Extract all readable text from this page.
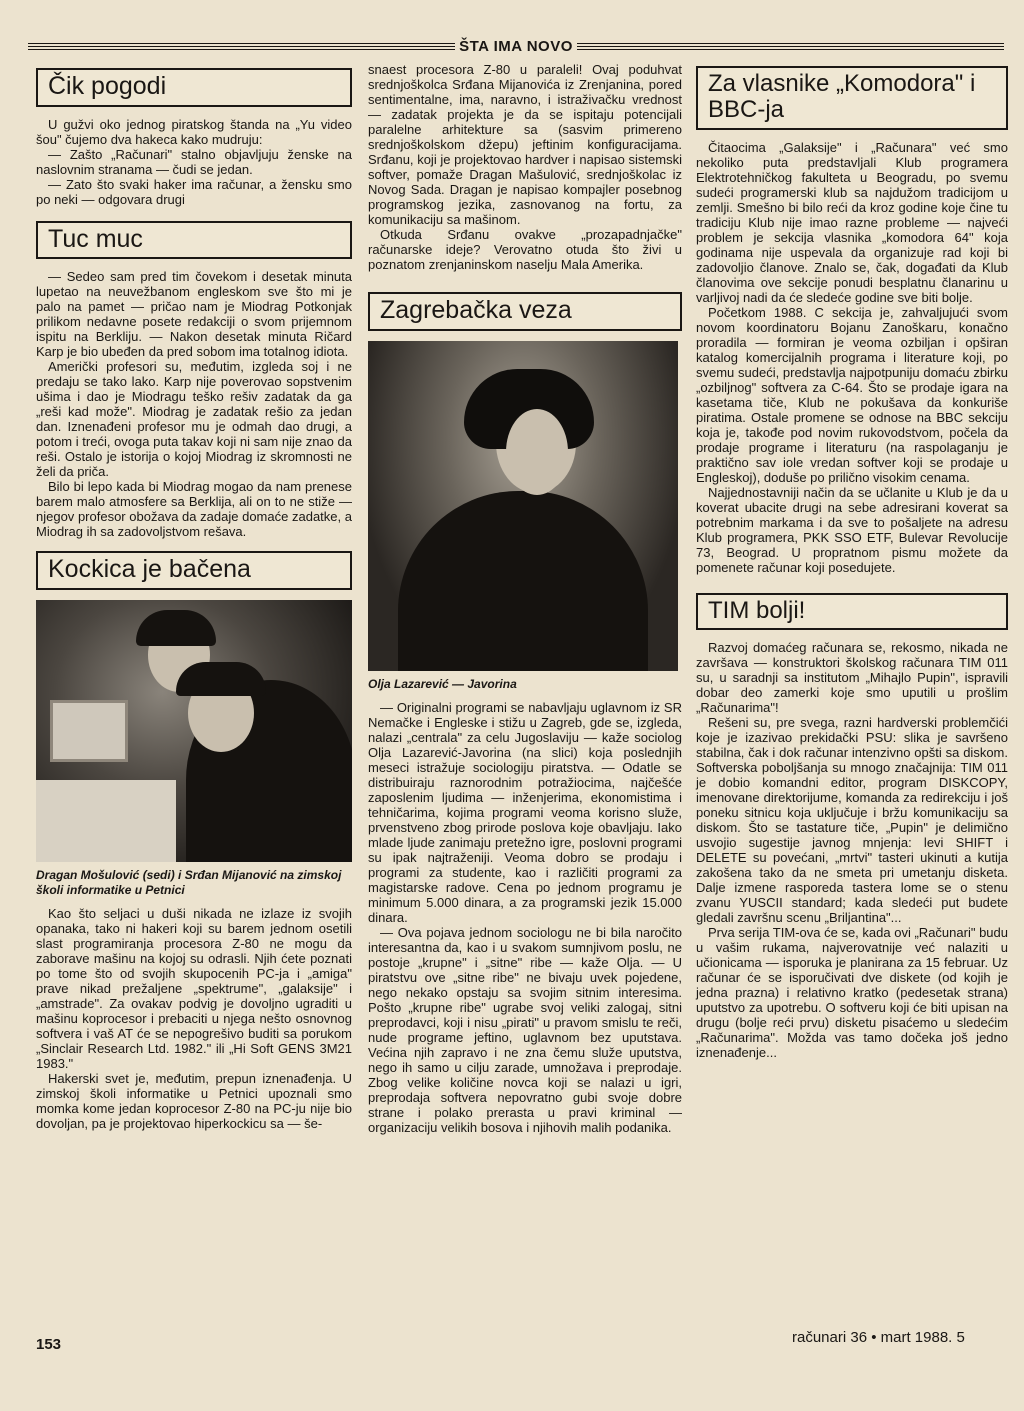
ŠTA IMA NOVO
Čik pogodi

U gužvi oko jednog piratskog štanda na „Yu video šou" čujemo dva hakeca kako mudruju:

— Zašto „Računari" stalno objavljuju ženske na naslovnim stranama — čudi se jedan.

— Zato što svaki haker ima računar, a žensku smo po neki — odgovara drugi

Tuc muc

— Sedeo sam pred tim čovekom i desetak minuta lupetao na neuvežbanom engleskom sve što mi je palo na pamet — pričao nam je Miodrag Potkonjak prilikom nedavne posete redakciji o svom prijemnom ispitu na Berkliju. — Nakon desetak minuta Ričard Karp je bio ubeđen da pred sobom ima totalnog idiota.

Američki profesori su, međutim, izgleda soj i ne predaju se tako lako. Karp nije poverovao sopstvenim ušima i dao je Miodragu teško rešiv zadatak da ga „reši kad može". Miodrag je zadatak rešio za jedan dan. Iznenađeni profesor mu je odmah dao drugi, a potom i treći, ovoga puta takav koji ni sam nije znao da reši. Ostalo je istorija o kojoj Miodrag iz skromnosti ne želi da priča.

Bilo bi lepo kada bi Miodrag mogao da nam prenese barem malo atmosfere sa Berklija, ali on to ne stiže — njegov profesor obožava da zadaje domaće zadatke, a Miodrag ih sa zadovoljstvom rešava.

Kockica je bačena
Dragan Mošulović (sedi) i Srđan Mijanović na zimskoj školi informatike u Petnici

Kao što seljaci u duši nikada ne izlaze iz svojih opanaka, tako ni hakeri koji su barem jednom osetili slast programiranja procesora Z-80 ne mogu da zaborave mašinu na kojoj su odrasli. Njih ćete poznati po tome što od svojih skupocenih PC-ja i „amiga" prave nikad prežaljene „spektrume", „galaksije" i „amstrade". Za ovakav podvig je dovoljno ugraditi u mašinu koprocesor i prebaciti u njega nešto osnovnog softvera i vaš AT će se nepogrešivo buditi sa porukom „Sinclair Research Ltd. 1982." ili „Hi Soft GENS 3M21 1983."

Hakerski svet je, međutim, prepun iznenađenja. U zimskoj školi informatike u Petnici upoznali smo momka kome jedan koprocesor Z-80 na PC-ju nije bio dovoljan, pa je projektovao hiperkockicu sa — še-

snaest procesora Z-80 u paraleli! Ovaj poduhvat srednjoškolca Srđana Mijanovića iz Zrenjanina, pored sentimentalne, ima, naravno, i istraživačku vrednost — zadatak projekta je da se ispitaju potencijali paralelne arhitekture sa (sasvim primereno srednjoškolskom džepu) jeftinim konfiguracijama. Srđanu, koji je projektovao hardver i napisao sistemski softver, pomaže Dragan Mašulović, srednjoškolac iz Novog Sada. Dragan je napisao kompajler posebnog programskog jezika, zasnovanog na fortu, za komunikaciju sa mašinom.

Otkuda Srđanu ovakve „prozapadnjačke" računarske ideje? Verovatno otuda što živi u poznatom zrenjaninskom naselju Mala Amerika.

Zagrebačka veza
Olja Lazarević — Javorina

— Originalni programi se nabavljaju uglavnom iz SR Nemačke i Engleske i stižu u Zagreb, gde se, izgleda, nalazi „centrala" za celu Jugoslaviju — kaže sociolog Olja Lazarević-Javorina (na slici) koja poslednjih meseci istražuje sociologiju piratstva. — Odatle se distribuiraju raznorodnim potražiocima, najčešće zaposlenim ljudima — inženjerima, ekonomistima i tehničarima, kojima programi veoma korisno služe, prvenstveno zbog prirode poslova koje obavljaju. Iako mlade ljude zanimaju pretežno igre, poslovni programi su ipak najtraženiji. Veoma dobro se prodaju i programi za studente, kao i različiti programi za magistarske radove. Cena po jednom programu je minimum 5.000 dinara, a za programski jezik 15.000 dinara.

— Ova pojava jednom sociologu ne bi bila naročito interesantna da, kao i u svakom sumnjivom poslu, ne postoje „krupne" i „sitne" ribe — kaže Olja. — U piratstvu ove „sitne ribe" ne bivaju uvek pojedene, nego nekako opstaju sa svojim sitnim interesima. Pošto „krupne ribe" ugrabe svoj veliki zalogaj, sitni preprodavci, koji i nisu „pirati" u pravom smislu te reči, nude programe jeftino, uglavnom bez uputstava. Većina njih zapravo i ne zna čemu služe uputstva, nego ih samo u cilju zarade, umnožava i preprodaje. Zbog velike količine novca koji se nalazi u igri, preprodaja softvera nepovratno gubi svoje dobre strane i polako prerasta u pravi kriminal — organizaciju velikih bosova i njihovih malih podanika.

Za vlasnike „Komodora" i BBC-ja

Čitaocima „Galaksije" i „Računara" već smo nekoliko puta predstavljali Klub programera Elektrotehničkog fakulteta u Beogradu, po svemu sudeći programerski klub sa najdužom tradicijom u zemlji. Smešno bi bilo reći da kroz godine koje čine tu tradiciju Klub nije imao razne probleme — najveći problem je sekcija vlasnika „komodora 64" koja godinama nije uspevala da organizuje rad koji bi zadovoljio članove. Znalo se, čak, događati da Klub članovima ove sekcije ponudi besplatnu članarinu u varljivoj nadi da će sledeće godine sve biti bolje.

Početkom 1988. C sekcija je, zahvaljujući svom novom koordinatoru Bojanu Zanoškaru, konačno proradila — formiran je veoma ozbiljan i opširan katalog komercijalnih programa i literature koji, po svemu sudeći, predstavlja najpotpuniju domaću zbirku „ozbiljnog" softvera za C-64. Što se prodaje igara na kasetama tiče, Klub ne pokušava da konkuriše piratima. Ostale promene se odnose na BBC sekciju koja je, takođe pod novim rukovodstvom, počela da prodaje programe i literaturu (na raspolaganju je praktično sav iole vredan softver koji se prodaje u Engleskoj), doduše po prilično visokim cenama.

Najjednostavniji način da se učlanite u Klub je da u koverat ubacite drugi na sebe adresirani koverat sa potrebnim markama i da sve to pošaljete na adresu Klub programera, PKK SSO ETF, Bulevar Revolucije 73, Beograd. U propratnom pismu možete da pomenete računar koji posedujete.

TIM bolji!

Razvoj domaćeg računara se, rekosmo, nikada ne završava — konstruktori školskog računara TIM 011 su, u saradnji sa institutom „Mihajlo Pupin", ispravili dobar deo zamerki koje smo uputili u prošlim „Računarima"!

Rešeni su, pre svega, razni hardverski problemčići koje je izazivao prekidački PSU: slika je savršeno stabilna, čak i dok računar intenzivno opšti sa diskom. Softverska poboljšanja su mnogo značajnija: TIM 011 je dobio komandni editor, program DISKCOPY, imenovane direktorijume, komanda za redirekciju i još poneku sitnicu koja uključuje i bržu komunikaciju sa diskom. Što se tastature tiče, „Pupin" je delimično usvojio sugestije javnog mnjenja: levi SHIFT i DELETE su povećani, „mrtvi" tasteri ukinuti a kutija zakošena tako da ne smeta pri umetanju disketa. Dalje izmene rasporeda tastera lome se o stenu zvanu YUSCII standard; kada sledeći put budete gledali završnu scenu „Briljantina"...

Prva serija TIM-ova će se, kada ovi „Računari" budu u vašim rukama, najverovatnije već nalaziti u učionicama — isporuka je planirana za 15 februar. Uz računar će se isporučivati dve diskete (od kojih je jedna prazna) i relativno kratko (pedesetak strana) uputstvo za upotrebu. O softveru koji će biti upisan na drugu (bolje reći prvu) disketu pisaćemo u sledećim „Računarima". Možda vas tamo dočeka još jedno iznenađenje...

153	računari 36 • mart 1988. 5
